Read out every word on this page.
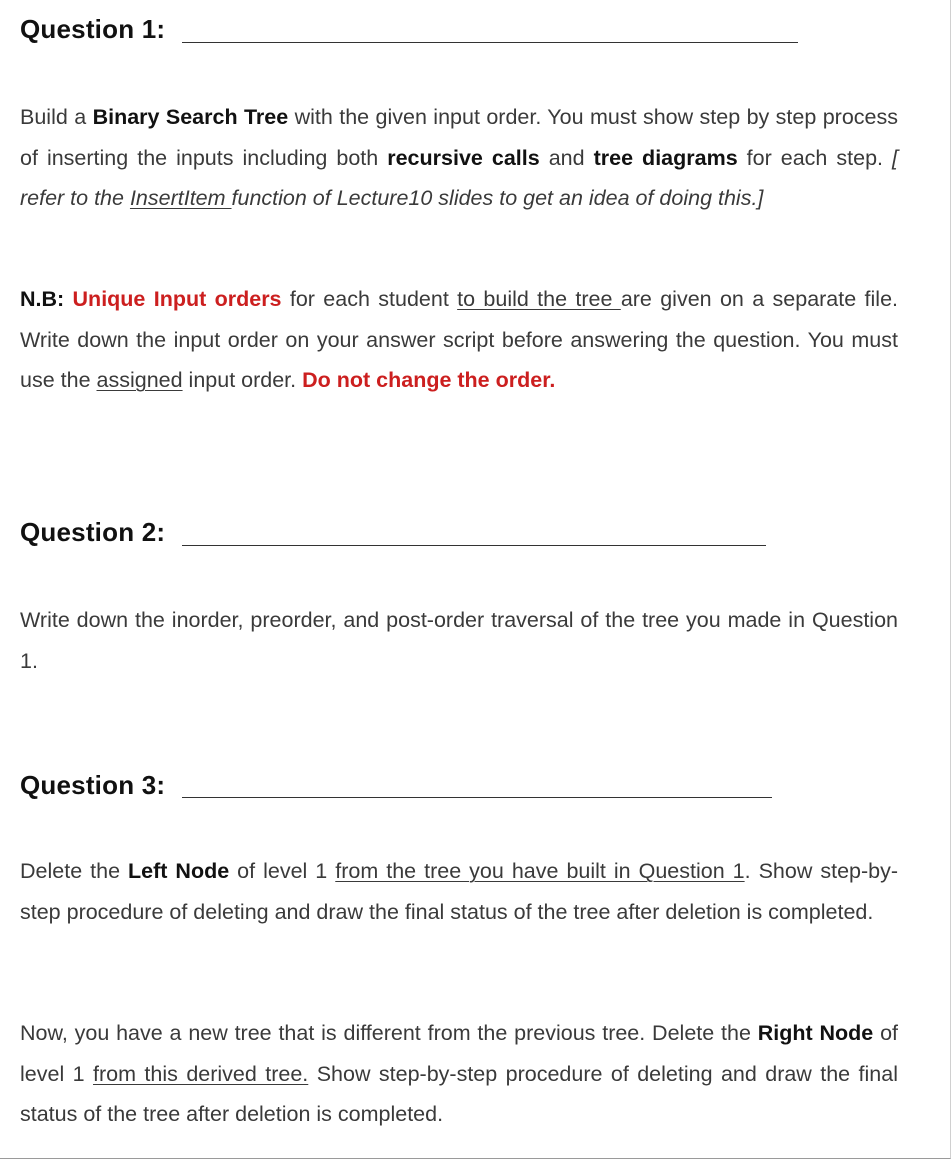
Question 1:
Build a Binary Search Tree with the given input order. You must show step by step process of inserting the inputs including both recursive calls and tree diagrams for each step. [ refer to the InsertItem function of Lecture10 slides to get an idea of doing this.]
N.B: Unique Input orders for each student to build the tree are given on a separate file. Write down the input order on your answer script before answering the question. You must use the assigned input order. Do not change the order.
Question 2:
Write down the inorder, preorder, and post-order traversal of the tree you made in Question 1.
Question 3:
Delete the Left Node of level 1 from the tree you have built in Question 1. Show step-by-step procedure of deleting and draw the final status of the tree after deletion is completed.
Now, you have a new tree that is different from the previous tree. Delete the Right Node of level 1 from this derived tree. Show step-by-step procedure of deleting and draw the final status of the tree after deletion is completed.
